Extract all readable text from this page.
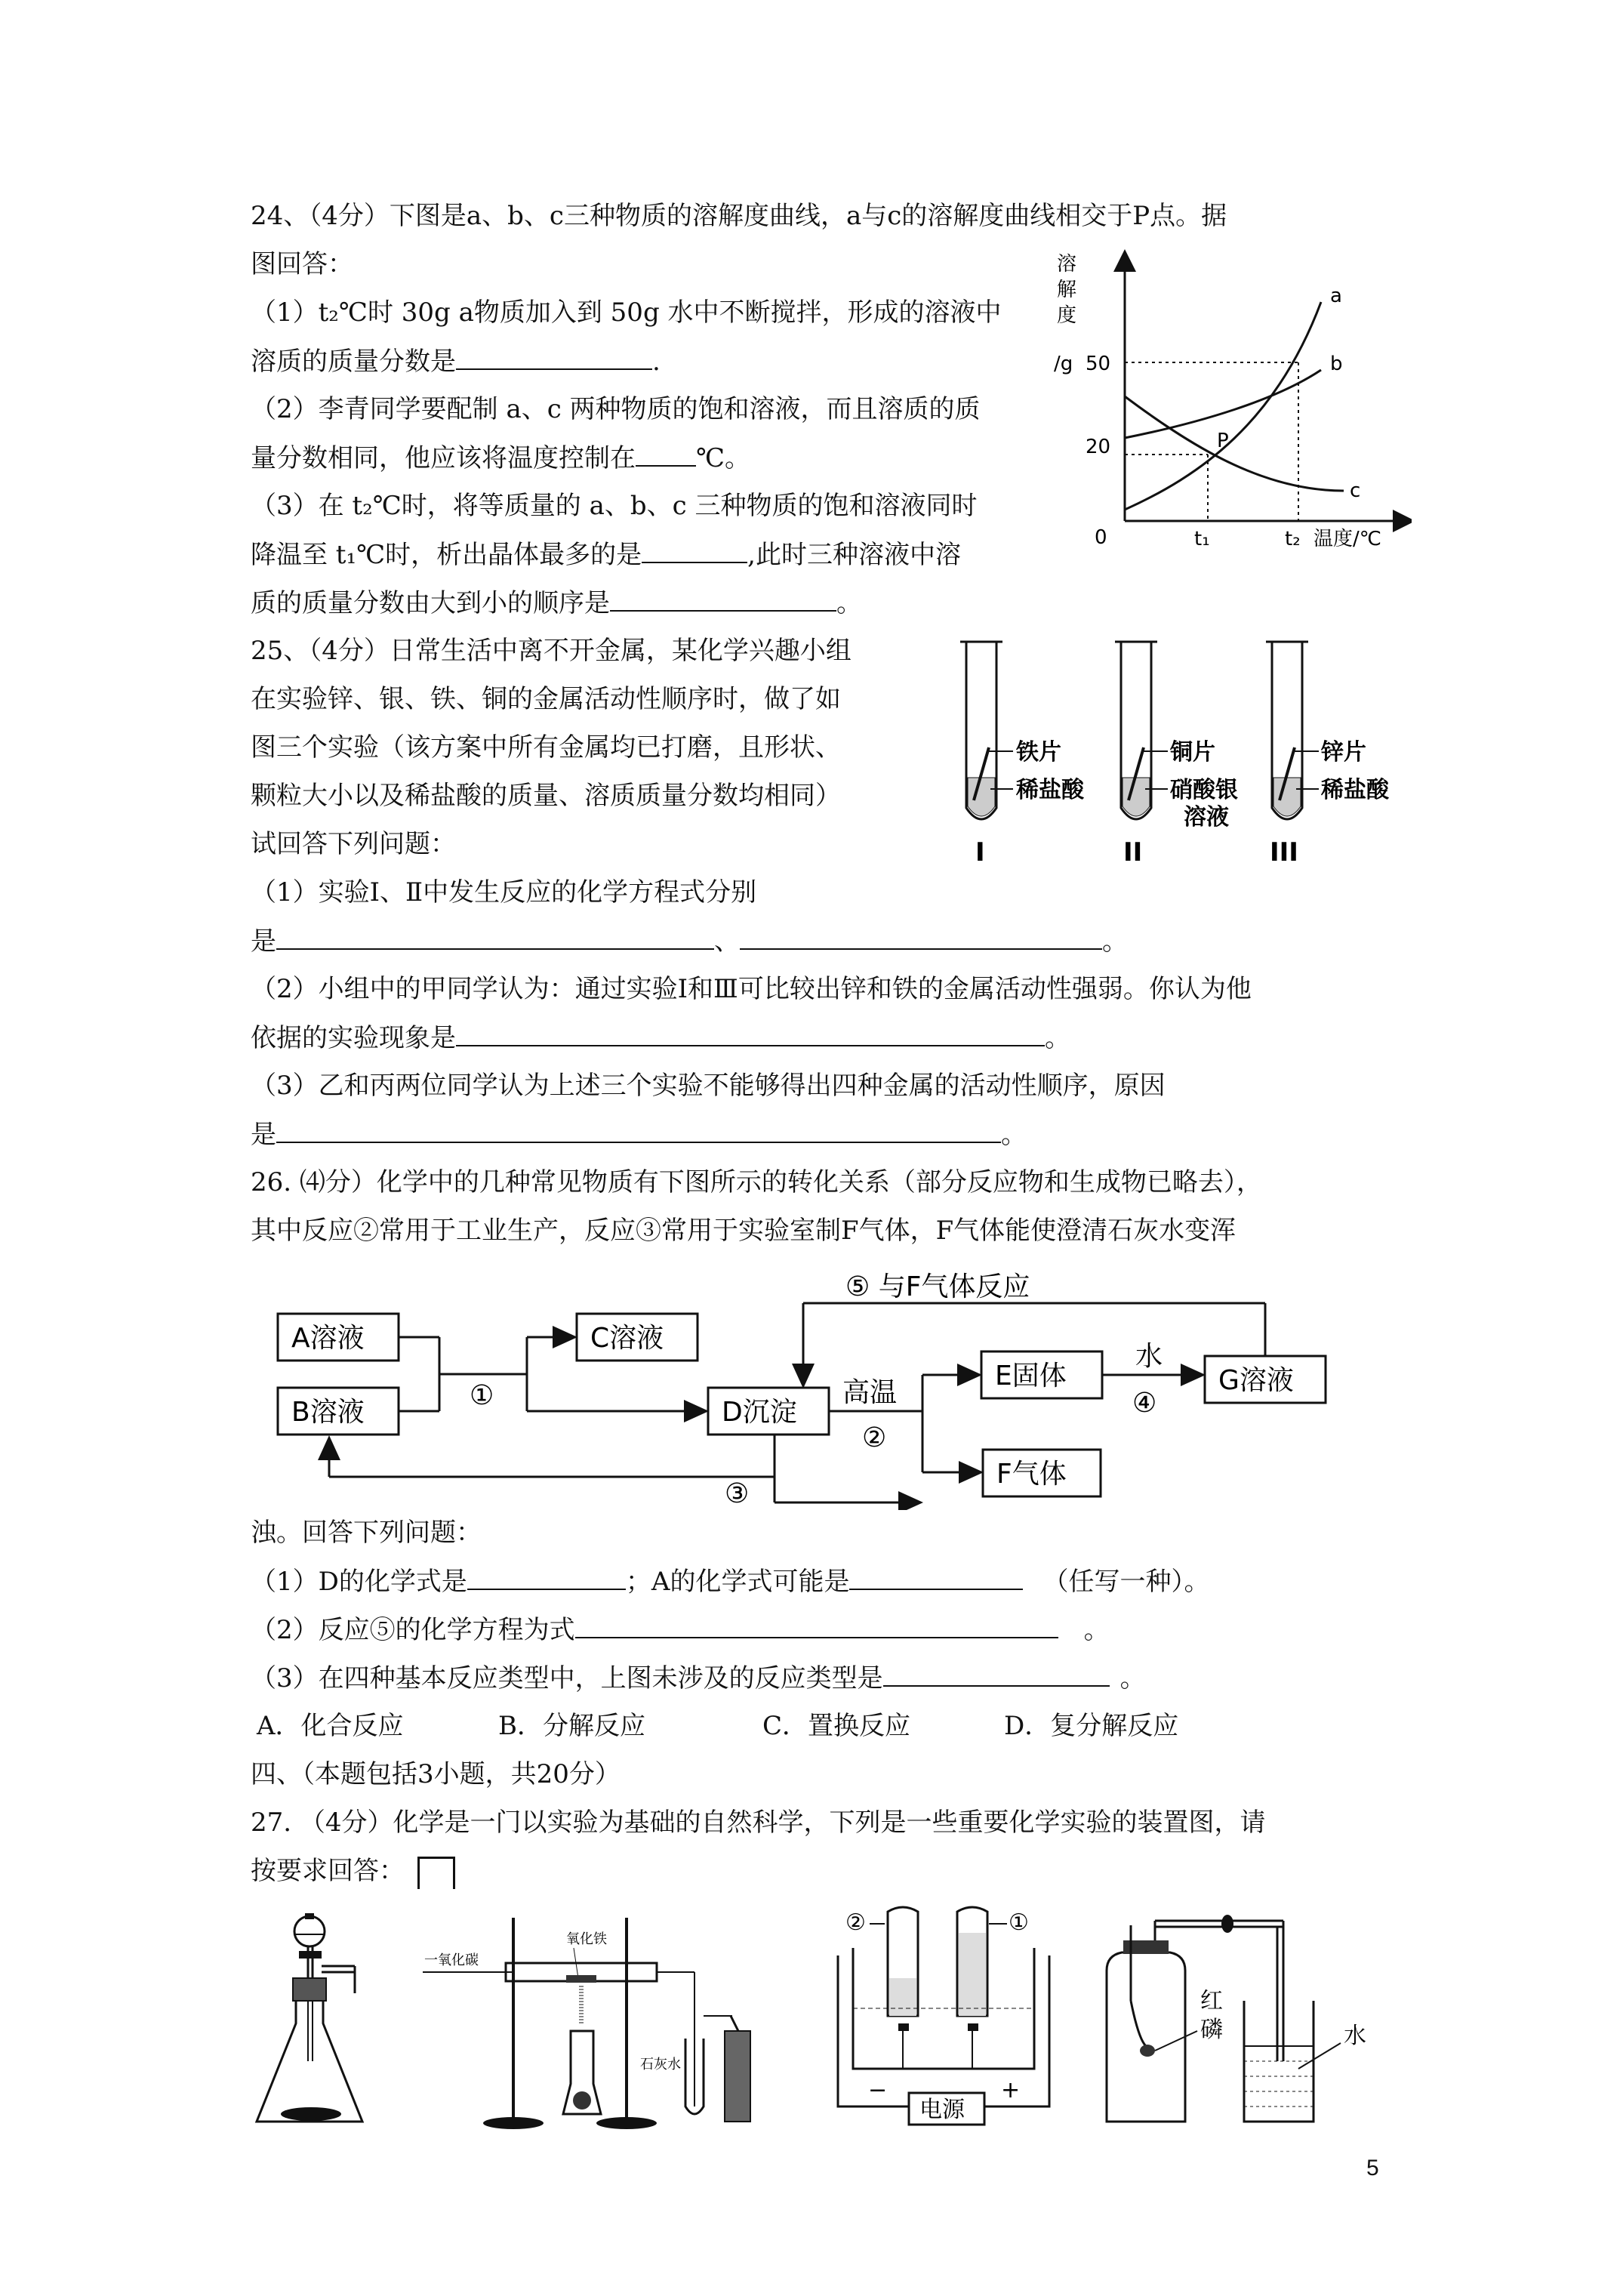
24、（4分）下图是a、b、c三种物质的溶解度曲线，a与c的溶解度曲线相交于P点。据
图回答：
（1）t₂℃时 30g a物质加入到 50g 水中不断搅拌，形成的溶液中
溶质的质量分数是	.
（2）李青同学要配制 a、c 两种物质的饱和溶液，而且溶质的质
量分数相同，他应该将温度控制在 ℃。
（3）在 t₂℃时，将等质量的 a、b、c 三种物质的饱和溶液同时
降温至 t₁℃时，析出晶体最多的是	,此时三种溶液中溶
质的质量分数由大到小的顺序是	。
溶
解
度
/g 50
20
0	t₁	t₂ 温度/℃
a
b
c
P
25、（4分）日常生活中离不开金属，某化学兴趣小组
在实验锌、银、铁、铜的金属活动性顺序时，做了如
图三个实验（该方案中所有金属均已打磨，且形状、
颗粒大小以及稀盐酸的质量、溶质质量分数均相同）
试回答下列问题：
（1）实验Ⅰ、Ⅱ中发生反应的化学方程式分别
是	、	。
（2）小组中的甲同学认为：通过实验Ⅰ和Ⅲ可比较出锌和铁的金属活动性强弱。你认为他
依据的实验现象是	。
（3）乙和丙两位同学认为上述三个实验不能够得出四种金属的活动性顺序，原因
是	。
铁片
稀盐酸
I
铜片
硝酸银
溶液
II
锌片
稀盐酸
III
26. ⑷分）化学中的几种常见物质有下图所示的转化关系（部分反应物和生成物已略去），
其中反应②常用于工业生产，反应③常用于实验室制F气体，F气体能使澄清石灰水变浑
⑤ 与F气体反应
A溶液
B溶液
C溶液
D沉淀
E固体	G溶液
F气体
①	高温
②
③
水
④
浊。回答下列问题：
（1）D的化学式是	；A的化学式可能是	（任写一种）。
（2）反应⑤的化学方程为式	。
（3）在四种基本反应类型中，上图未涉及的反应类型是	。
A．化合反应	B．分解反应	C．置换反应	D．复分解反应
四、（本题包括3小题，共20分）
27. （4分）化学是一门以实验为基础的自然科学，下列是一些重要化学实验的装置图，请
按要求回答：
一氧化碳
氧化铁
石灰水
②	①
−	+
电源
红
磷	水
5
